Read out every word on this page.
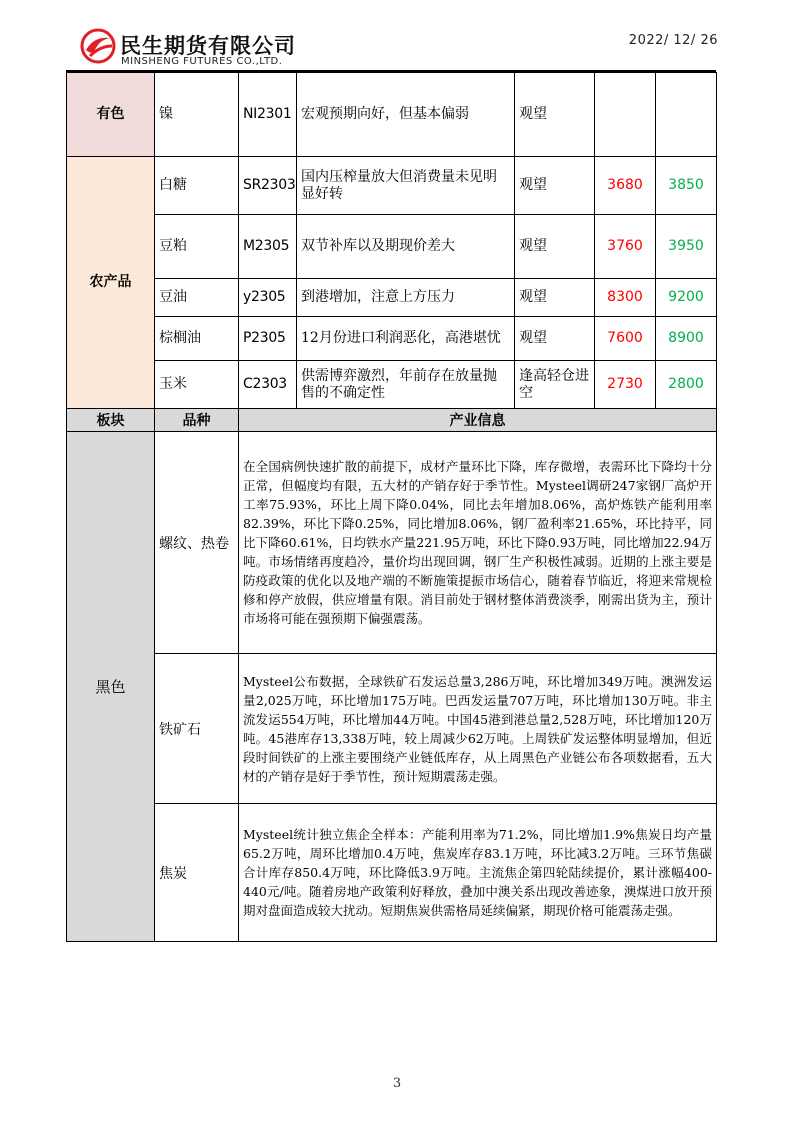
民生期货有限公司
MINSHENG FUTURES CO.,LTD.
2022/ 12/ 26
有色	镍	NI2301	宏观预期向好，但基本偏弱	观望		
农产品	白糖	SR2303	国内压榨量放大但消费量未见明显好转	观望	3680	3850
	豆粕	M2305	双节补库以及期现价差大	观望	3760	3950
	豆油	y2305	到港增加，注意上方压力	观望	8300	9200
	棕榈油	P2305	12月份进口利润恶化，高港堪忧	观望	7600	8900
	玉米	C2303	供需博弈激烈，年前存在放量抛售的不确定性	逢高轻仓进空	2730	2800
板块	品种	产业信息
黑色	螺纹、热卷	在全国病例快速扩散的前提下，成材产量环比下降，库存微增，表需环比下降均十分正常，但幅度均有限，五大材的产销存好于季节性。Mysteel调研247家钢厂高炉开工率75.93%，环比上周下降0.04%，同比去年增加8.06%，高炉炼铁产能利用率82.39%，环比下降0.25%，同比增加8.06%，钢厂盈利率21.65%，环比持平，同比下降60.61%，日均铁水产量221.95万吨，环比下降0.93万吨，同比增加22.94万吨。市场情绪再度趋冷，量价均出现回调，钢厂生产积极性减弱。近期的上涨主要是防疫政策的优化以及地产端的不断施策提振市场信心，随着春节临近，将迎来常规检修和停产放假，供应增量有限。消目前处于钢材整体消费淡季，刚需出货为主，预计市场将可能在强预期下偏强震荡。
	铁矿石	Mysteel公布数据，全球铁矿石发运总量3,286万吨，环比增加349万吨。澳洲发运量2,025万吨，环比增加175万吨。巴西发运量707万吨，环比增加130万吨。非主流发运554万吨，环比增加44万吨。中国45港到港总量2,528万吨，环比增加120万吨。45港库存13,338万吨，较上周减少62万吨。上周铁矿发运整体明显增加，但近段时间铁矿的上涨主要围绕产业链低库存，从上周黑色产业链公布各项数据看，五大材的产销存是好于季节性，预计短期震荡走强。
	焦炭	Mysteel统计独立焦企全样本：产能利用率为71.2%，同比增加1.9%焦炭日均产量65.2万吨，周环比增加0.4万吨，焦炭库存83.1万吨，环比减3.2万吨。三环节焦碳合计库存850.4万吨，环比降低3.9万吨。主流焦企第四轮陆续提价，累计涨幅400-440元/吨。随着房地产政策利好释放，叠加中澳关系出现改善迹象，澳煤进口放开预期对盘面造成较大扰动。短期焦炭供需格局延续偏紧，期现价格可能震荡走强。
3
